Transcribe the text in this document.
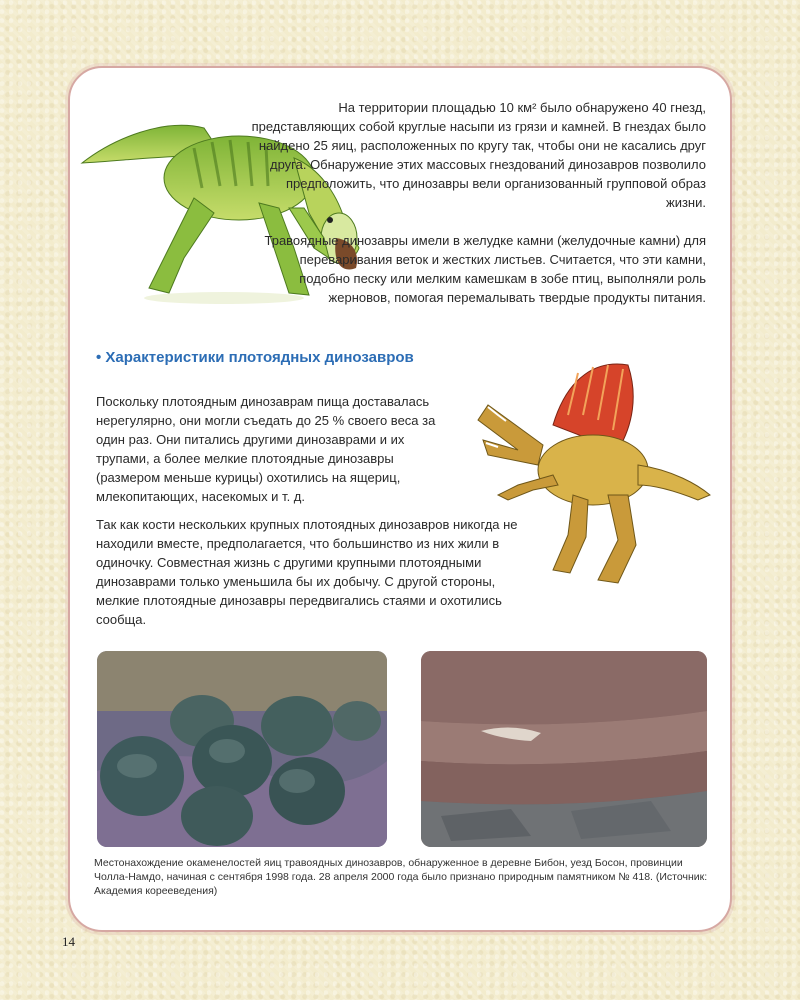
На территории площадью 10 км² было обнаружено 40 гнезд, представляющих собой круглые насыпи из грязи и камней. В гнездах было найдено 25 яиц, расположенных по кругу так, чтобы они не касались друг друга. Обнаружение этих массовых гнездований динозавров позволило предположить, что динозавры вели организованный групповой образ жизни.

Травоядные динозавры имели в желудке камни (желудочные камни) для переваривания веток и жестких листьев. Считается, что эти камни, подобно песку или мелким камешкам в зобе птиц, выполняли роль жерновов, помогая перемалывать твердые продукты питания.

• Характеристики плотоядных динозавров

Поскольку плотоядным динозаврам пища доставалась нерегулярно, они могли съедать до 25 % своего веса за один раз. Они питались другими динозаврами и их трупами, а более мелкие плотоядные динозавры (размером меньше курицы) охотились на ящериц, млекопитающих, насекомых и т. д.

Так как кости нескольких крупных плотоядных динозавров никогда не находили вместе, предполагается, что большинство из них жили в одиночку. Совместная жизнь с другими крупными плотоядными динозаврами только уменьшила бы их добычу. С другой стороны, мелкие плотоядные динозавры передвигались стаями и охотились сообща.

Местонахождение окаменелостей яиц травоядных динозавров, обнаруженное в деревне Бибон, уезд Босон, провинции Чолла-Намдо, начиная с сентября 1998 года. 28 апреля 2000 года было признано природным памятником № 418. (Источник: Академия корееведения)
14
